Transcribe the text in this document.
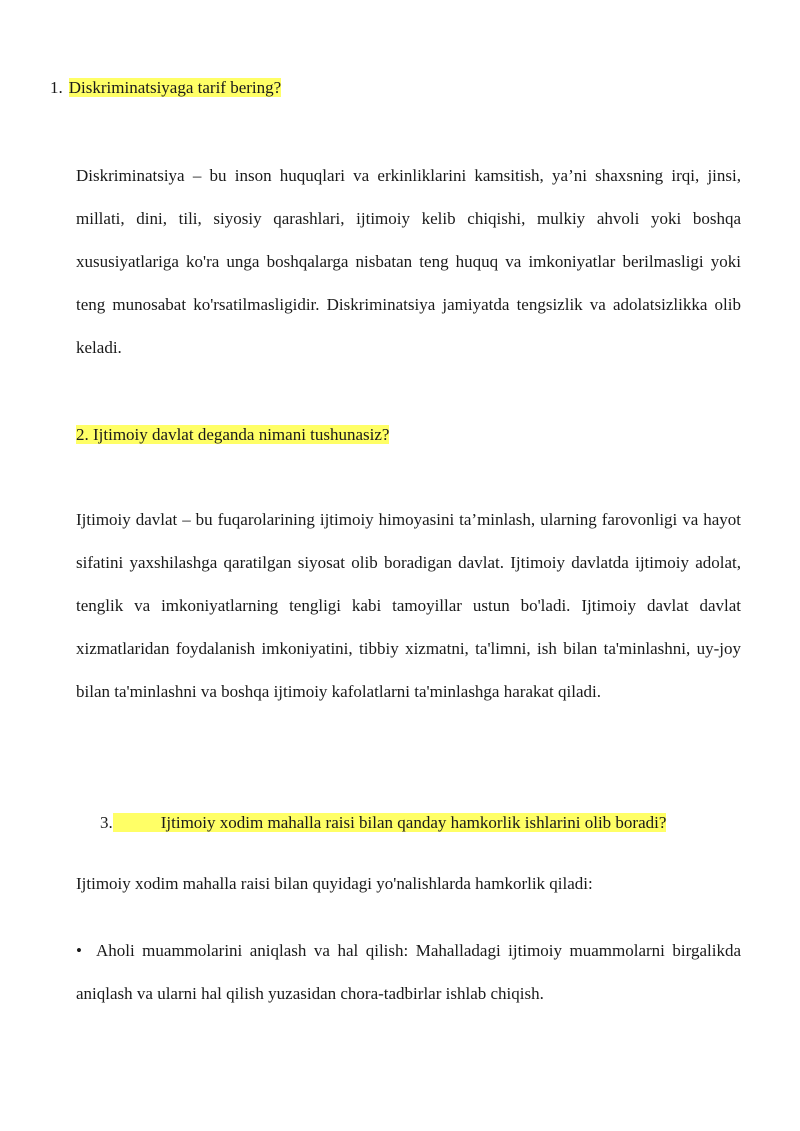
1. Diskriminatsiyaga tarif bering?

Diskriminatsiya – bu inson huquqlari va erkinliklarini kamsitish, ya’ni shaxsning irqi, jinsi, millati, dini, tili, siyosiy qarashlari, ijtimoiy kelib chiqishi, mulkiy ahvoli yoki boshqa xususiyatlariga ko'ra unga boshqalarga nisbatan teng huquq va imkoniyatlar berilmasligi yoki teng munosabat ko'rsatilmasligidir. Diskriminatsiya jamiyatda tengsizlik va adolatsizlikka olib keladi.

2. Ijtimoiy davlat deganda nimani tushunasiz?

Ijtimoiy davlat – bu fuqarolarining ijtimoiy himoyasini ta’minlash, ularning farovonligi va hayot sifatini yaxshilashga qaratilgan siyosat olib boradigan davlat. Ijtimoiy davlatda ijtimoiy adolat, tenglik va imkoniyatlarning tengligi kabi tamoyillar ustun bo'ladi. Ijtimoiy davlat davlat xizmatlaridan foydalanish imkoniyatini, tibbiy xizmatni, ta'limni, ish bilan ta'minlashni, uy-joy bilan ta'minlashni va boshqa ijtimoiy kafolatlarni ta'minlashga harakat qiladi.

3.	Ijtimoiy xodim mahalla raisi bilan qanday hamkorlik ishlarini olib boradi?

Ijtimoiy xodim mahalla raisi bilan quyidagi yo'nalishlarda hamkorlik qiladi:

• Aholi muammolarini aniqlash va hal qilish: Mahalladagi ijtimoiy muammolarni birgalikda aniqlash va ularni hal qilish yuzasidan chora-tadbirlar ishlab chiqish.
